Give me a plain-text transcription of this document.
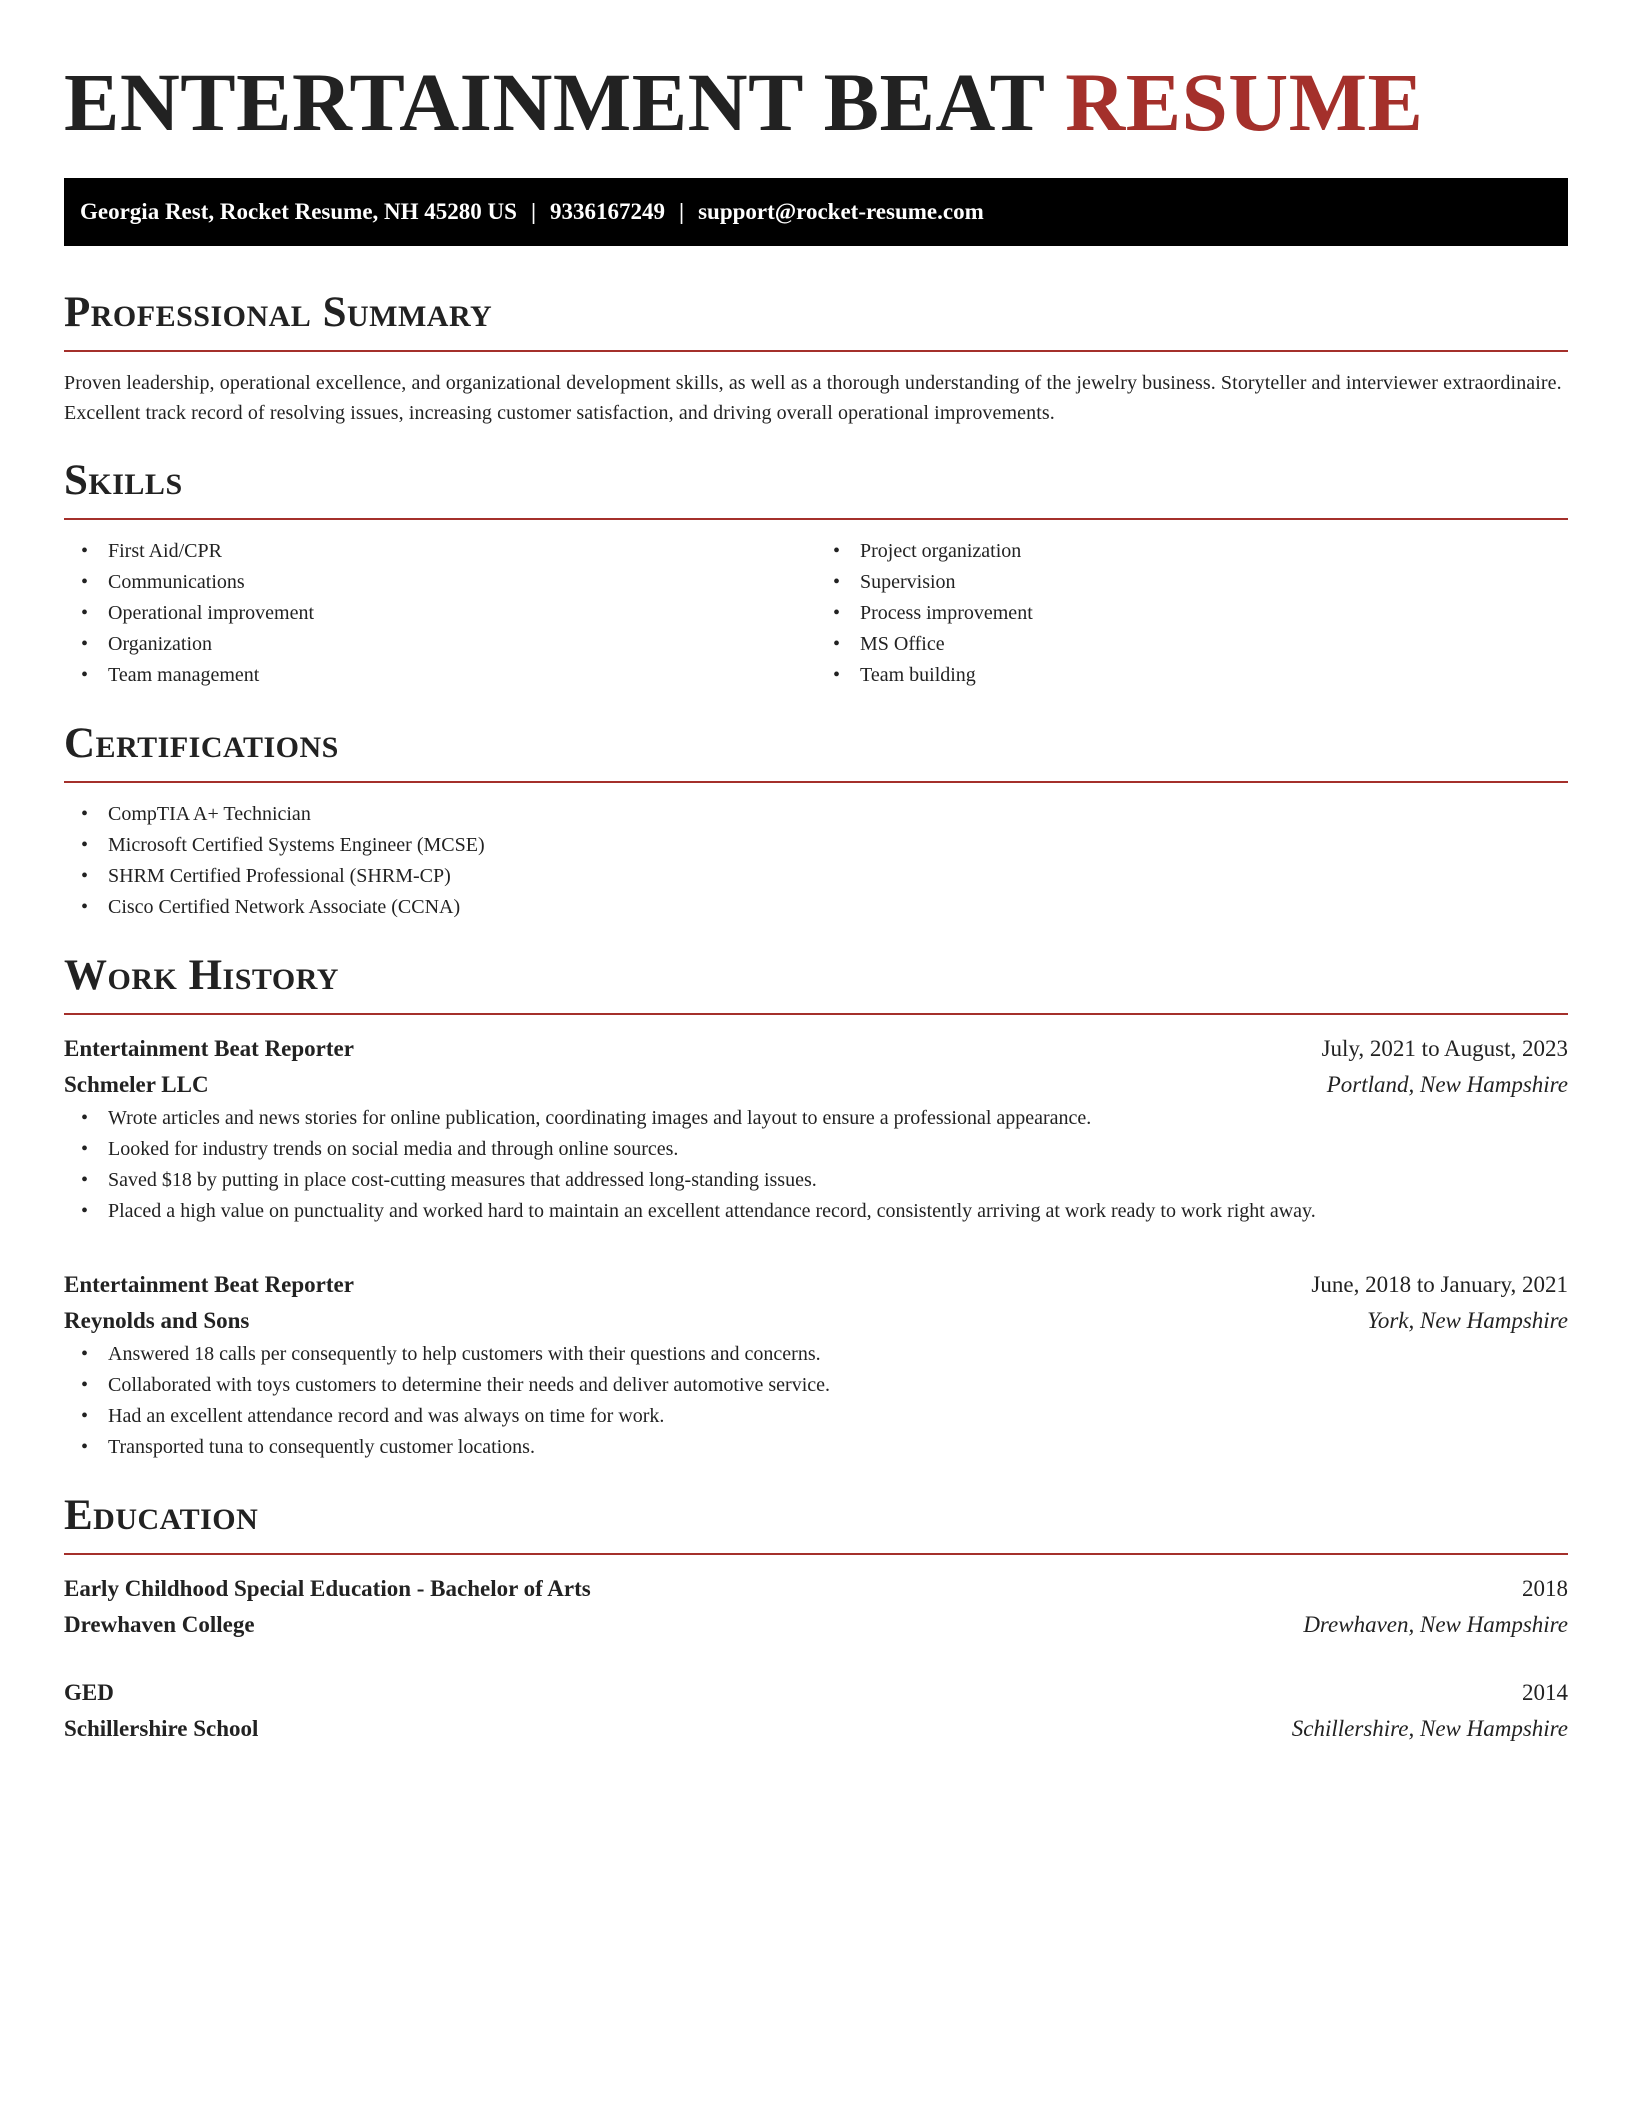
ENTERTAINMENT BEAT RESUME
Georgia Rest, Rocket Resume, NH 45280 US | 9336167249 | support@rocket-resume.com
Professional Summary

Proven leadership, operational excellence, and organizational development skills, as well as a thorough understanding of the jewelry business. Storyteller and interviewer extraordinaire. Excellent track record of resolving issues, increasing customer satisfaction, and driving overall operational improvements.

Skills
• First Aid/CPR
• Communications
• Operational improvement
• Organization
• Team management
• Project organization
• Supervision
• Process improvement
• MS Office
• Team building
Certifications
• CompTIA A+ Technician
• Microsoft Certified Systems Engineer (MCSE)
• SHRM Certified Professional (SHRM-CP)
• Cisco Certified Network Associate (CCNA)
Work History
Entertainment Beat Reporter	July, 2021 to August, 2023
Schmeler LLC	Portland, New Hampshire
• Wrote articles and news stories for online publication, coordinating images and layout to ensure a professional appearance.
• Looked for industry trends on social media and through online sources.
• Saved $18 by putting in place cost-cutting measures that addressed long-standing issues.
• Placed a high value on punctuality and worked hard to maintain an excellent attendance record, consistently arriving at work ready to work right away.
Entertainment Beat Reporter	June, 2018 to January, 2021
Reynolds and Sons	York, New Hampshire
• Answered 18 calls per consequently to help customers with their questions and concerns.
• Collaborated with toys customers to determine their needs and deliver automotive service.
• Had an excellent attendance record and was always on time for work.
• Transported tuna to consequently customer locations.
Education
Early Childhood Special Education - Bachelor of Arts	2018
Drewhaven College	Drewhaven, New Hampshire
GED	2014
Schillershire School	Schillershire, New Hampshire
